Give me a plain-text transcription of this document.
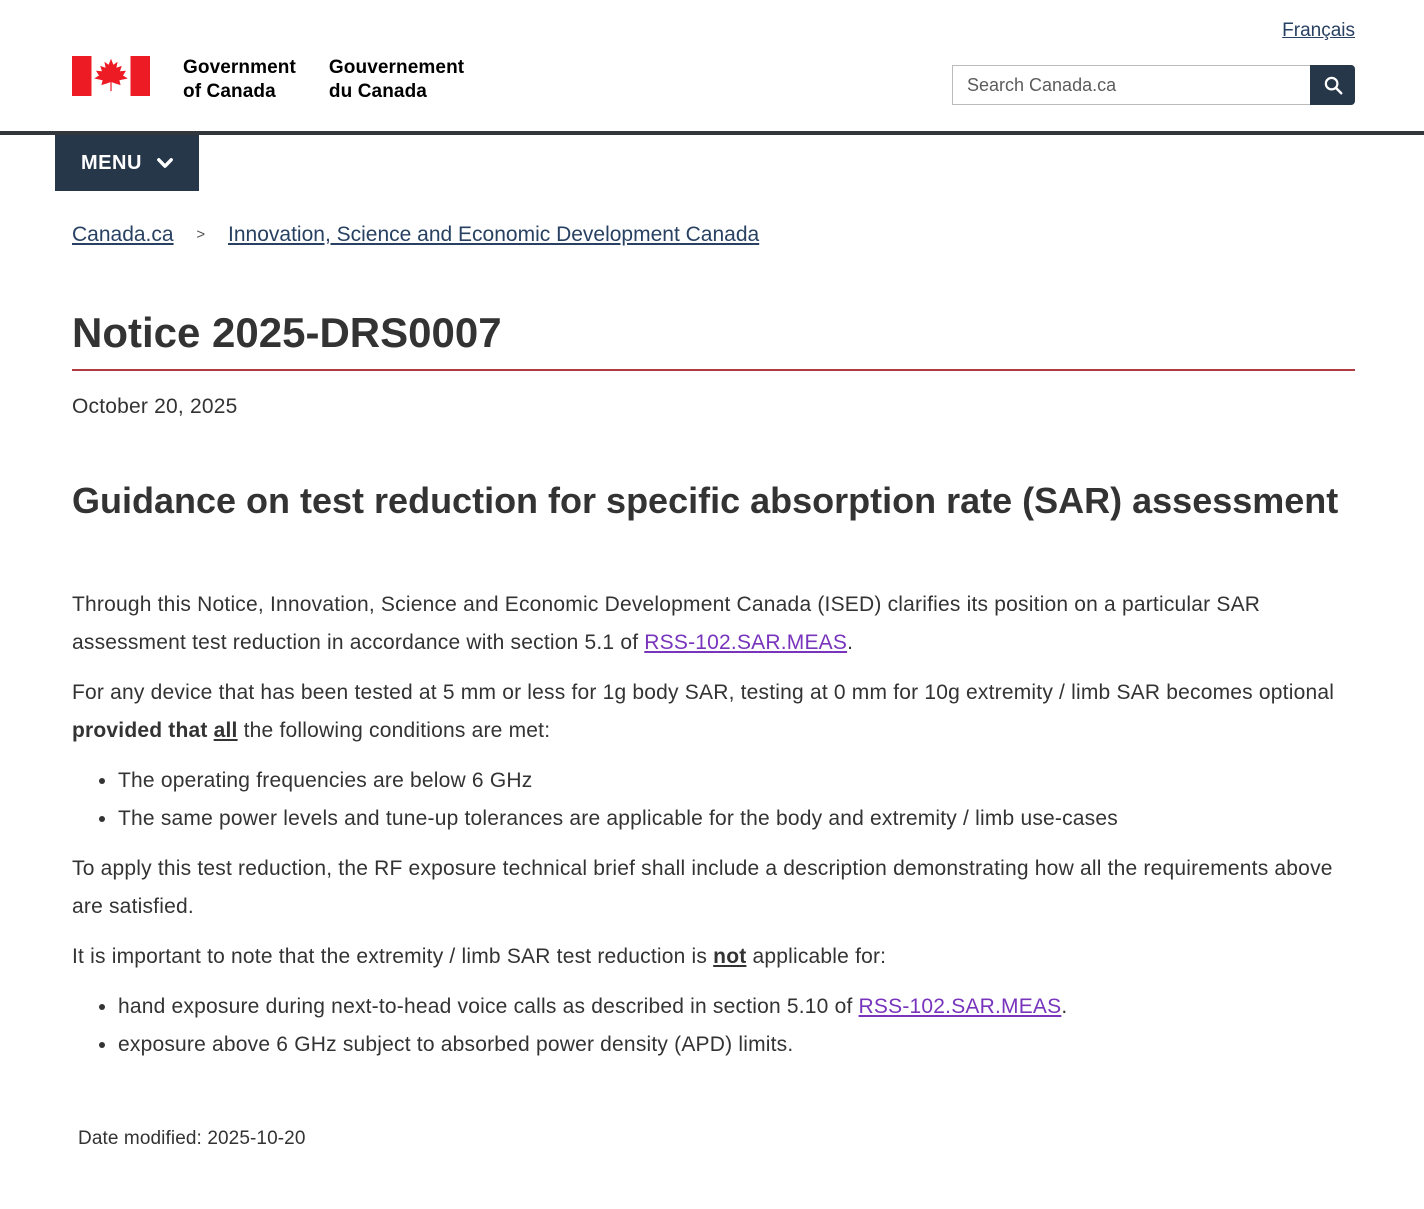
Government
of Canada
Gouvernement
du Canada
Français
Search Canada.ca
MENU
Canada.ca > Innovation, Science and Economic Development Canada
Notice 2025-DRS0007

October 20, 2025

Guidance on test reduction for specific absorption rate (SAR) assessment

Through this Notice, Innovation, Science and Economic Development Canada (ISED) clarifies its position on a particular SAR assessment test reduction in accordance with section 5.1 of RSS-102.SAR.MEAS.

For any device that has been tested at 5 mm or less for 1g body SAR, testing at 0 mm for 10g extremity / limb SAR becomes optional provided that all the following conditions are met:

• The operating frequencies are below 6 GHz
• The same power levels and tune-up tolerances are applicable for the body and extremity / limb use-cases

To apply this test reduction, the RF exposure technical brief shall include a description demonstrating how all the requirements above are satisfied.

It is important to note that the extremity / limb SAR test reduction is not applicable for:

• hand exposure during next-to-head voice calls as described in section 5.10 of RSS-102.SAR.MEAS.
• exposure above 6 GHz subject to absorbed power density (APD) limits.

Date modified: 2025-10-20
